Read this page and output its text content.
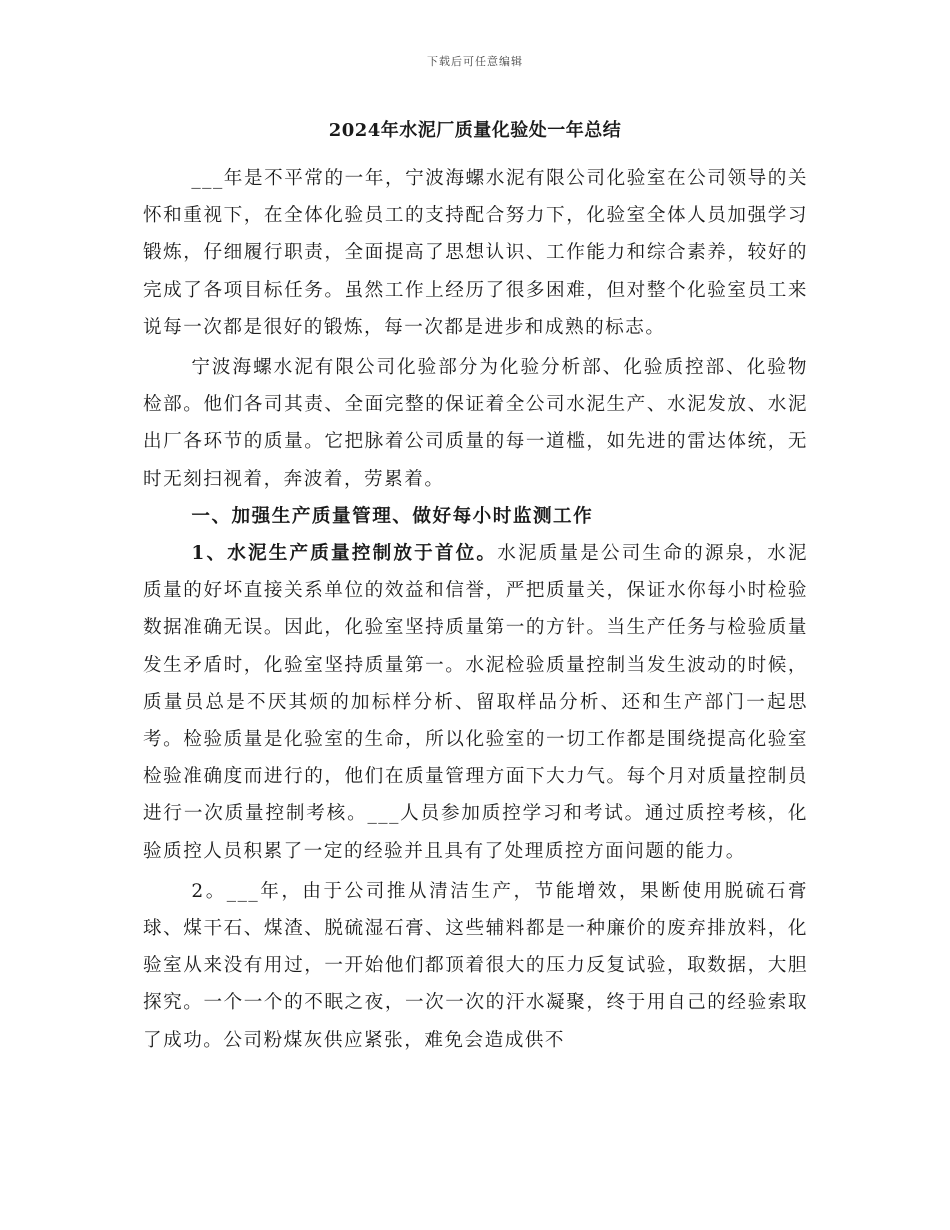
下载后可任意编辑
2024年水泥厂质量化验处一年总结

___年是不平常的一年，宁波海螺水泥有限公司化验室在公司领导的关怀和重视下，在全体化验员工的支持配合努力下，化验室全体人员加强学习锻炼，仔细履行职责，全面提高了思想认识、工作能力和综合素养，较好的完成了各项目标任务。虽然工作上经历了很多困难，但对整个化验室员工来说每一次都是很好的锻炼，每一次都是进步和成熟的标志。

宁波海螺水泥有限公司化验部分为化验分析部、化验质控部、化验物检部。他们各司其责、全面完整的保证着全公司水泥生产、水泥发放、水泥出厂各环节的质量。它把脉着公司质量的每一道槛，如先进的雷达体统，无时无刻扫视着，奔波着，劳累着。

一、加强生产质量管理、做好每小时监测工作

1、水泥生产质量控制放于首位。水泥质量是公司生命的源泉，水泥质量的好坏直接关系单位的效益和信誉，严把质量关，保证水你每小时检验数据准确无误。因此，化验室坚持质量第一的方针。当生产任务与检验质量发生矛盾时，化验室坚持质量第一。水泥检验质量控制当发生波动的时候，质量员总是不厌其烦的加标样分析、留取样品分析、还和生产部门一起思考。检验质量是化验室的生命，所以化验室的一切工作都是围绕提高化验室检验准确度而进行的，他们在质量管理方面下大力气。每个月对质量控制员进行一次质量控制考核。___人员参加质控学习和考试。通过质控考核，化验质控人员积累了一定的经验并且具有了处理质控方面问题的能力。

2。___年，由于公司推从清洁生产，节能增效，果断使用脱硫石膏球、煤干石、煤渣、脱硫湿石膏、这些辅料都是一种廉价的废弃排放料，化验室从来没有用过，一开始他们都顶着很大的压力反复试验，取数据，大胆探究。一个一个的不眠之夜，一次一次的汗水凝聚，终于用自己的经验索取了成功。公司粉煤灰供应紧张，难免会造成供不
